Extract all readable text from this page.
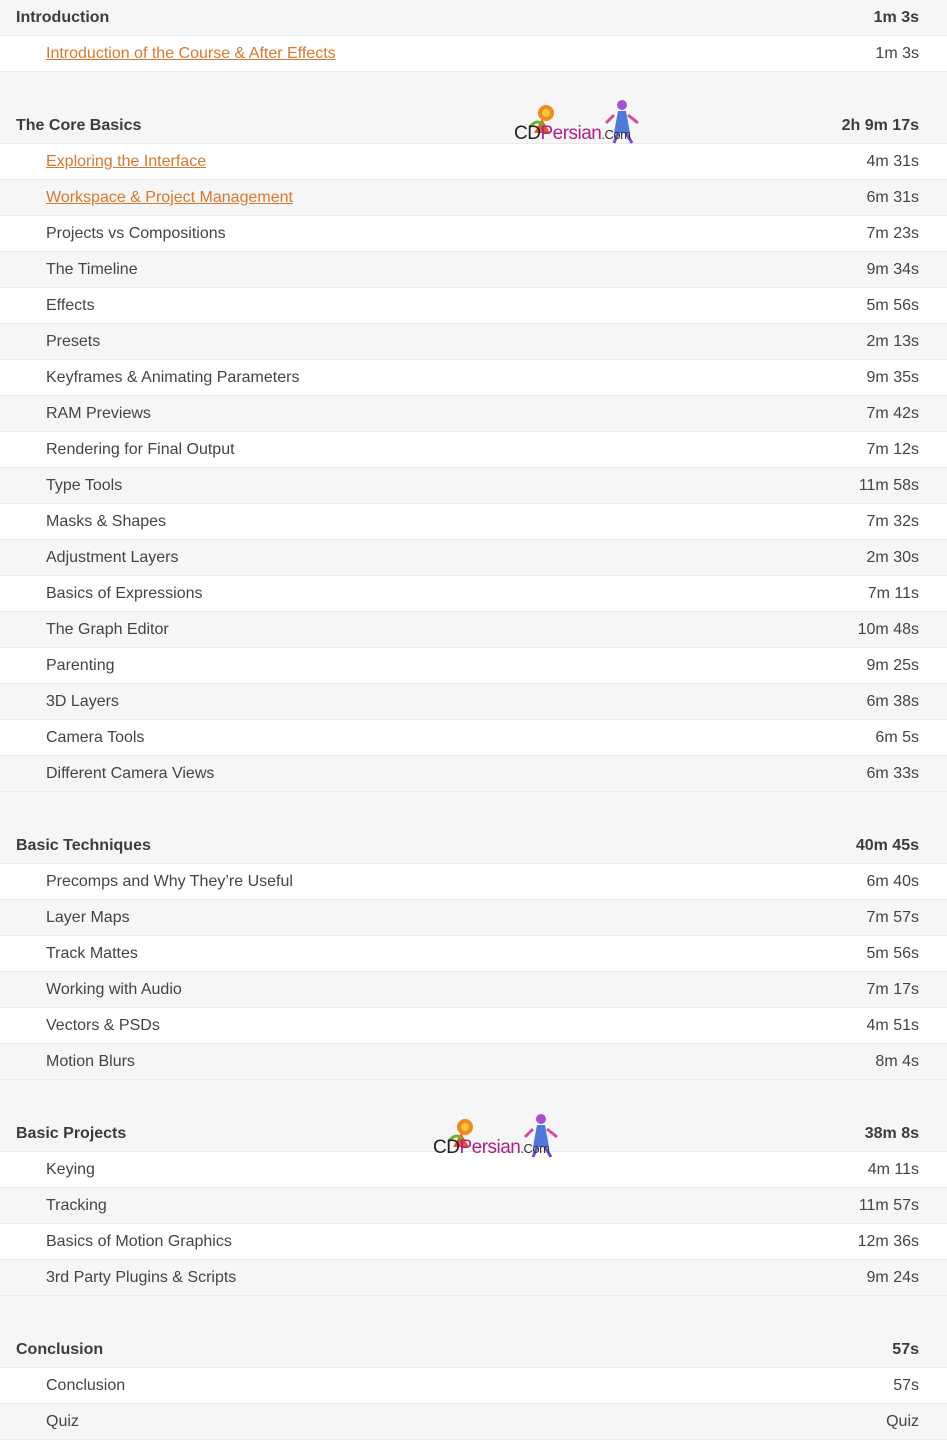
Introduction	1m 3s
Introduction of the Course & After Effects	1m 3s
The Core Basics	2h 9m 17s
Exploring the Interface	4m 31s
Workspace & Project Management	6m 31s
Projects vs Compositions	7m 23s
The Timeline	9m 34s
Effects	5m 56s
Presets	2m 13s
Keyframes & Animating Parameters	9m 35s
RAM Previews	7m 42s
Rendering for Final Output	7m 12s
Type Tools	11m 58s
Masks & Shapes	7m 32s
Adjustment Layers	2m 30s
Basics of Expressions	7m 11s
The Graph Editor	10m 48s
Parenting	9m 25s
3D Layers	6m 38s
Camera Tools	6m 5s
Different Camera Views	6m 33s
Basic Techniques	40m 45s
Precomps and Why They’re Useful	6m 40s
Layer Maps	7m 57s
Track Mattes	5m 56s
Working with Audio	7m 17s
Vectors & PSDs	4m 51s
Motion Blurs	8m 4s
Basic Projects	38m 8s
Keying	4m 11s
Tracking	11m 57s
Basics of Motion Graphics	12m 36s
3rd Party Plugins & Scripts	9m 24s
Conclusion	57s
Conclusion	57s
Quiz	Quiz
CDPersian.Com
CDPersian.Com
